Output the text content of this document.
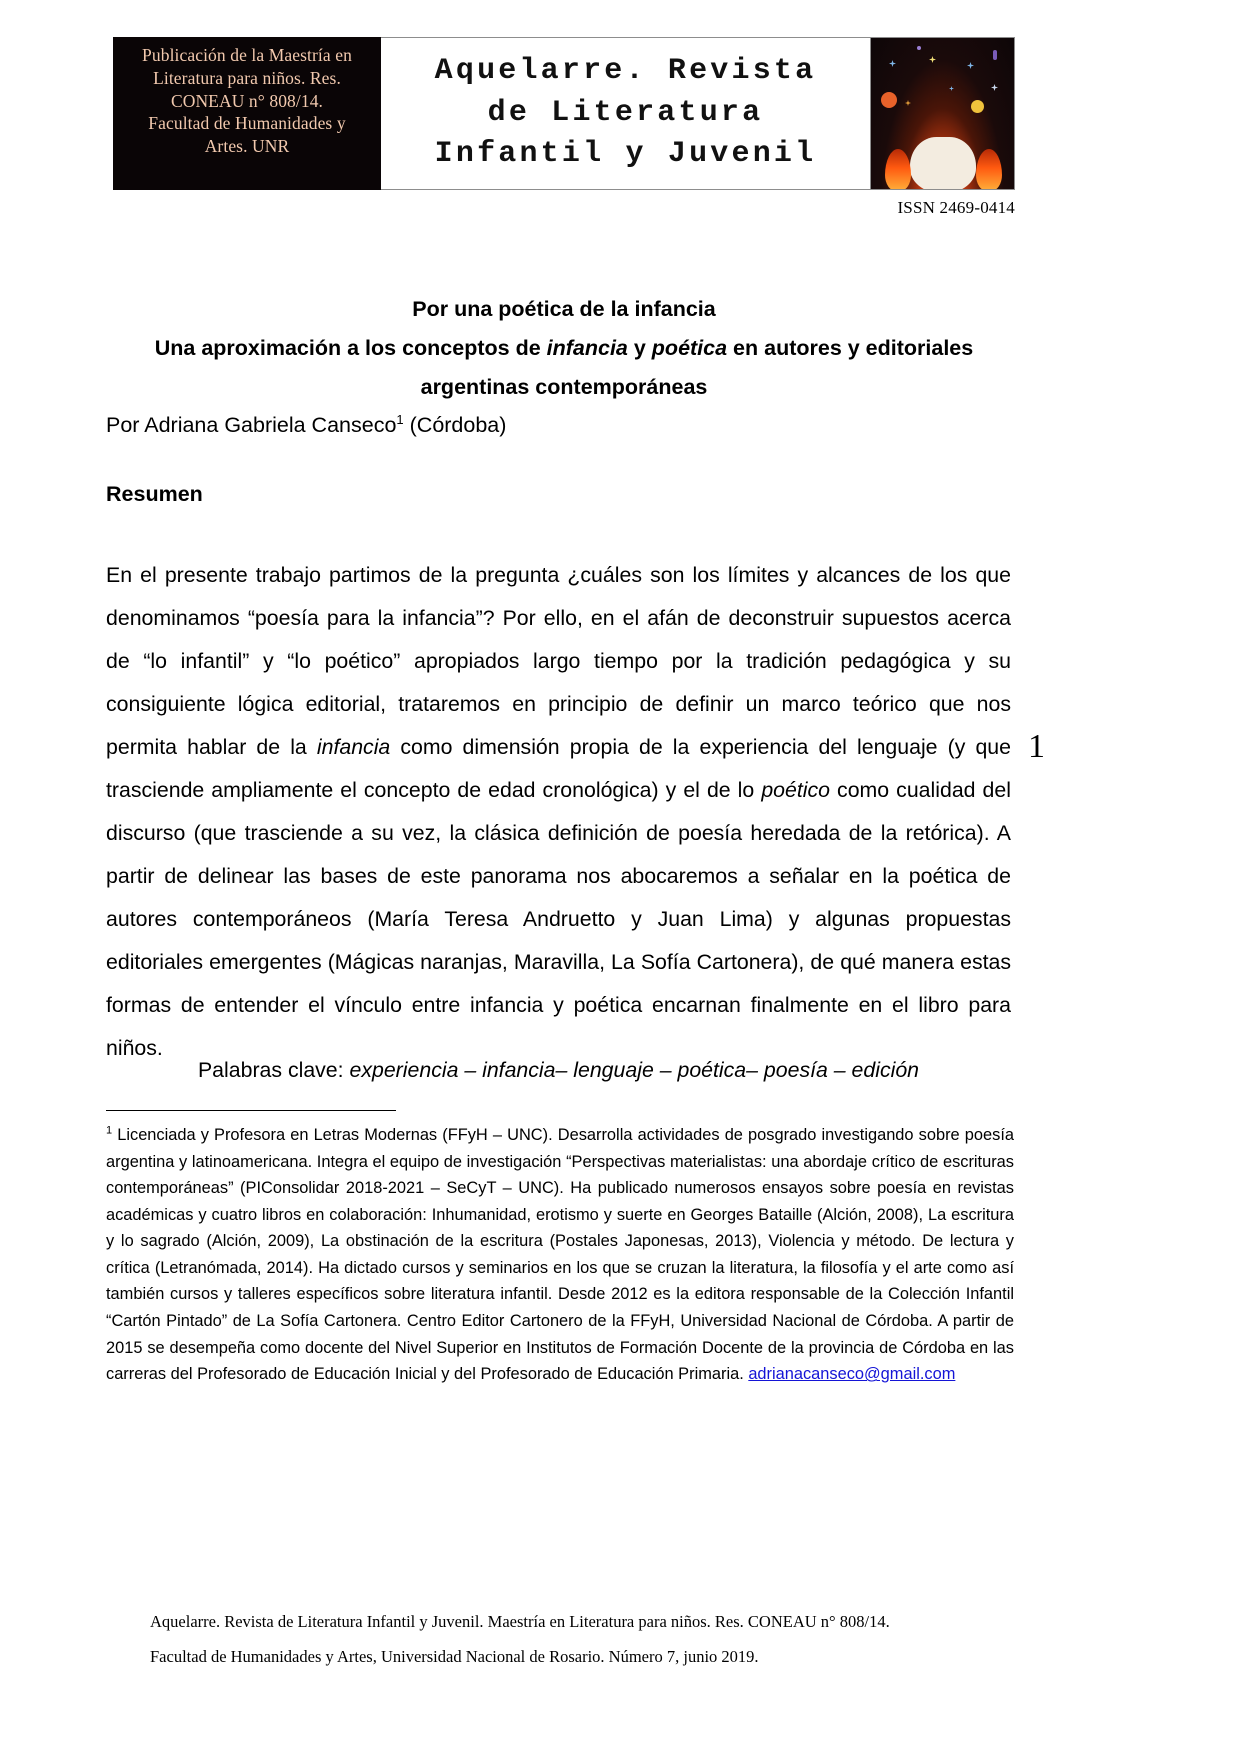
Publicación de la Maestría en
Literatura para niños. Res.
CONEAU n° 808/14.
Facultad de Humanidades y
Artes. UNR
Aquelarre. Revista
de Literatura
Infantil y Juvenil
ISSN 2469-0414
Por una poética de la infancia
Una aproximación a los conceptos de infancia y poética en autores y editoriales
argentinas contemporáneas
Por Adriana Gabriela Canseco$^1$ (Córdoba)
Resumen
En el presente trabajo partimos de la pregunta ¿cuáles son los límites y alcances de los que denominamos “poesía para la infancia”? Por ello, en el afán de deconstruir supuestos acerca de “lo infantil” y “lo poético” apropiados largo tiempo por la tradición pedagógica y su consiguiente lógica editorial, trataremos en principio de definir un marco teórico que nos permita hablar de la infancia como dimensión propia de la experiencia del lenguaje (y que trasciende ampliamente el concepto de edad cronológica) y el de lo poético como cualidad del discurso (que trasciende a su vez, la clásica definición de poesía heredada de la retórica). A partir de delinear las bases de este panorama nos abocaremos a señalar en la poética de autores contemporáneos (María Teresa Andruetto y Juan Lima) y algunas propuestas editoriales emergentes (Mágicas naranjas, Maravilla, La Sofía Cartonera), de qué manera estas formas de entender el vínculo entre infancia y poética encarnan finalmente en el libro para niños.
1
Palabras clave: experiencia – infancia– lenguaje – poética– poesía – edición
$^1$ Licenciada y Profesora en Letras Modernas (FFyH – UNC). Desarrolla actividades de posgrado investigando sobre poesía argentina y latinoamericana. Integra el equipo de investigación “Perspectivas materialistas: una abordaje crítico de escrituras contemporáneas” (PIConsolidar 2018-2021 – SeCyT – UNC). Ha publicado numerosos ensayos sobre poesía en revistas académicas y cuatro libros en colaboración: Inhumanidad, erotismo y suerte en Georges Bataille (Alción, 2008), La escritura y lo sagrado (Alción, 2009), La obstinación de la escritura (Postales Japonesas, 2013), Violencia y método. De lectura y crítica (Letranómada, 2014). Ha dictado cursos y seminarios en los que se cruzan la literatura, la filosofía y el arte como así también cursos y talleres específicos sobre literatura infantil. Desde 2012 es la editora responsable de la Colección Infantil “Cartón Pintado” de La Sofía Cartonera. Centro Editor Cartonero de la FFyH, Universidad Nacional de Córdoba. A partir de 2015 se desempeña como docente del Nivel Superior en Institutos de Formación Docente de la provincia de Córdoba en las carreras del Profesorado de Educación Inicial y del Profesorado de Educación Primaria. adrianacanseco@gmail.com
Aquelarre. Revista de Literatura Infantil y Juvenil. Maestría en Literatura para niños. Res. CONEAU n° 808/14.
Facultad de Humanidades y Artes, Universidad Nacional de Rosario. Número 7, junio 2019.
